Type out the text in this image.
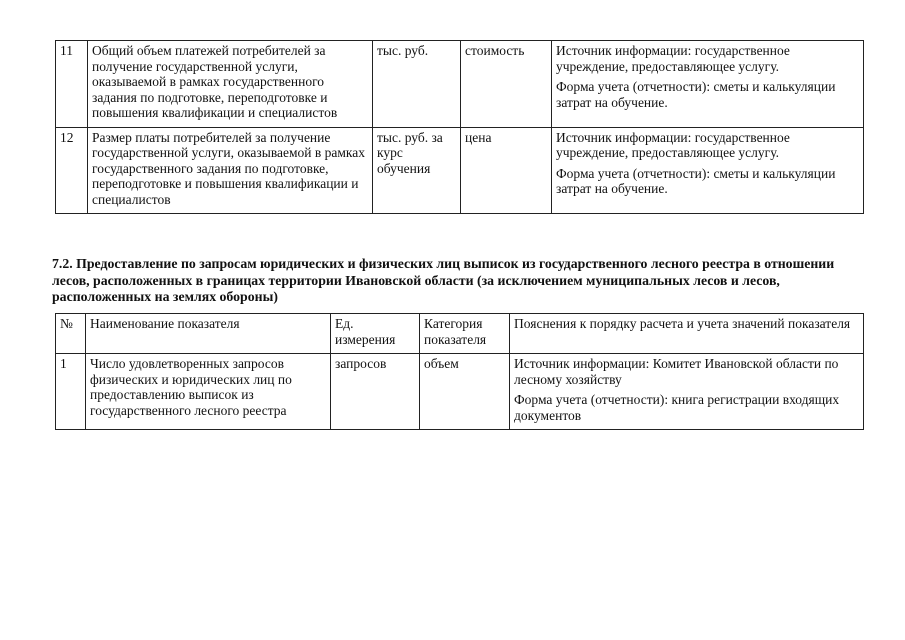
11	Общий объем платежей потребителей за получение государственной услуги, оказываемой в рамках государственного задания по подготовке, переподготовке и повышения квалификации и специалистов	тыс. руб.	стоимость	Источник информации: государственное учреждение, предоставляющее услугу.
Форма учета (отчетности): сметы и калькуляции затрат на обучение.

12	Размер платы потребителей за получение государственной услуги, оказываемой в рамках государственного задания по подготовке, переподготовке и повышения квалификации и специалистов	тыс. руб. за курс обучения	цена	Источник информации: государственное учреждение, предоставляющее услугу.
Форма учета (отчетности): сметы и калькуляции затрат на обучение.
7.2. Предоставление по запросам юридических и физических лиц выписок из государственного лесного реестра в отношении лесов, расположенных в границах территории Ивановской области (за исключением муниципальных лесов и лесов, расположенных на землях обороны)
№	Наименование показателя	Ед. измерения	Категория показателя	Пояснения к порядку расчета и учета значений показателя
1	Число удовлетворенных запросов физических и юридических лиц по предоставлению выписок из государственного лесного реестра	запросов	объем	Источник информации: Комитет Ивановской области по лесному хозяйству
Форма учета (отчетности): книга регистрации входящих документов
